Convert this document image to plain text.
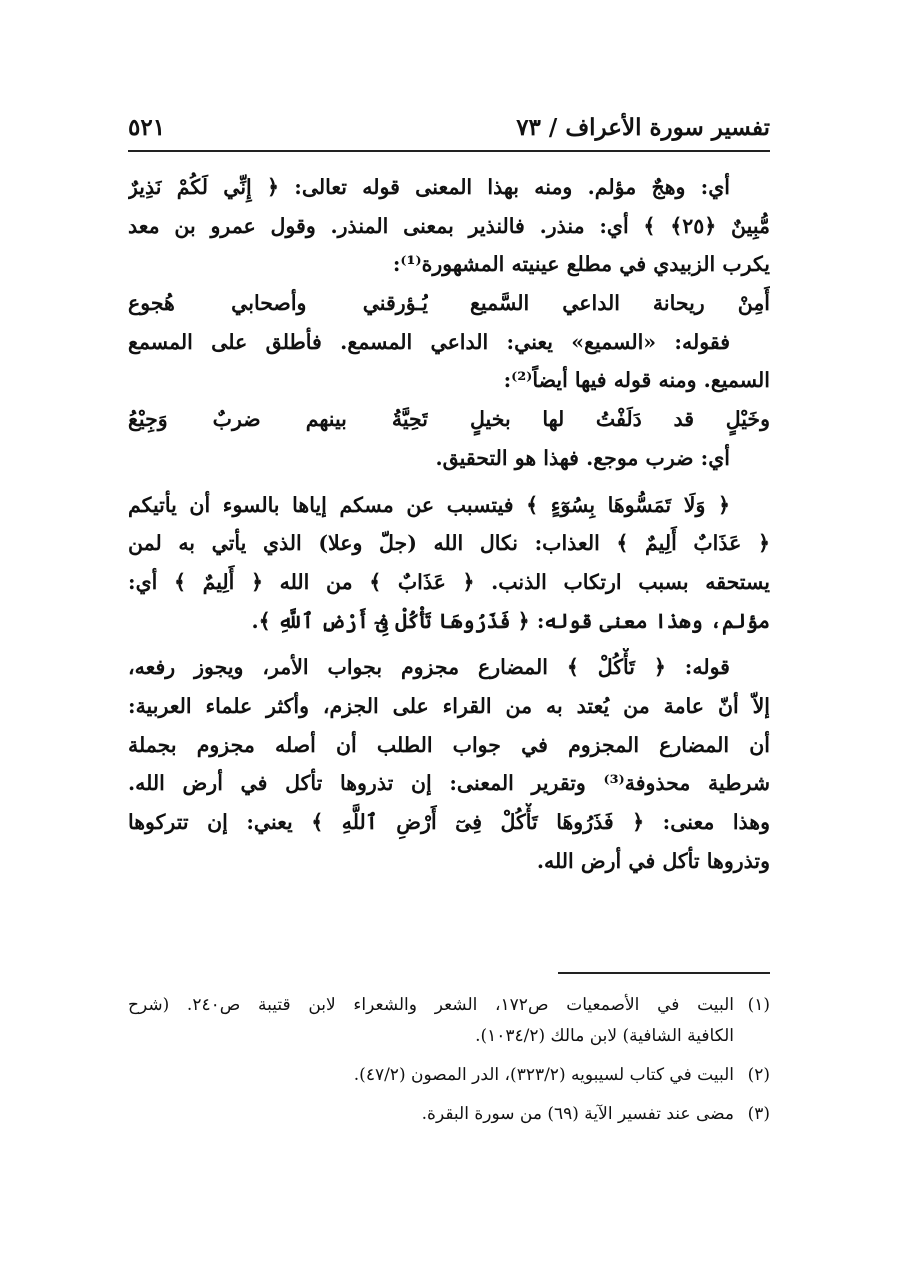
تفسير سورة الأعراف / ٧٣
٥٢١
أي: وهجٌ مؤلم. ومنه بهذا المعنى قوله تعالى: ﴿ إِنِّي لَكُمْ نَذِيرٌ
مُّبِينٌ ﴿٢٥﴾ ﴾ أي: منذر. فالنذير بمعنى المنذر. وقول عمرو بن معد
يكرب الزبيدي في مطلع عينيته المشهورة⁽¹⁾:
أَمِنْ ريحانة الداعي السَّميع
يُـؤرقني وأصحابي هُجوع
فقوله: «السميع» يعني: الداعي المسمع. فأطلق على المسمع
السميع. ومنه قوله فيها أيضاً⁽²⁾:
وخَيْلٍ قد دَلَفْتُ لها بخيلٍ
تَحِيَّةُ بينهم ضربٌ وَجِيْعُ
أي: ضرب موجع. فهذا هو التحقيق.
﴿ وَلَا تَمَسُّوهَا بِسُوٓءٍ ﴾ فيتسبب عن مسكم إياها بالسوء أن يأتيكم
﴿ عَذَابٌ أَلِيمٌ ﴾ العذاب: نكال الله (جلّ وعلا) الذي يأتي به لمن
يستحقه بسبب ارتكاب الذنب. ﴿ عَذَابٌ ﴾ من الله ﴿ أَلِيمٌ ﴾ أي:
مؤلم، وهذا معنى قوله: ﴿ فَذَرُوهَا تَأْكُلْ فِىٓ أَرْضِ ٱللَّهِ ﴾.
قوله: ﴿ تَأْكُلْ ﴾ المضارع مجزوم بجواب الأمر، ويجوز رفعه،
إلاّ أنّ عامة من يُعتد به من القراء على الجزم، وأكثر علماء العربية:
أن المضارع المجزوم في جواب الطلب أن أصله مجزوم بجملة
شرطية محذوفة⁽³⁾ وتقرير المعنى: إن تذروها تأكل في أرض الله.
وهذا معنى: ﴿ فَذَرُوهَا تَأْكُلْ فِىٓ أَرْضِ ٱللَّهِ ﴾ يعني: إن تتركوها
وتذروها تأكل في أرض الله.
(١)البيت في الأصمعيات ص١٧٢، الشعر والشعراء لابن قتيبة ص٢٤٠. (شرح
الكافية الشافية) لابن مالك (١٠٣٤/٢).
(٢)البيت في كتاب لسيبويه (٣٢٣/٢)، الدر المصون (٤٧/٢).
(٣)مضى عند تفسير الآية (٦٩) من سورة البقرة.
